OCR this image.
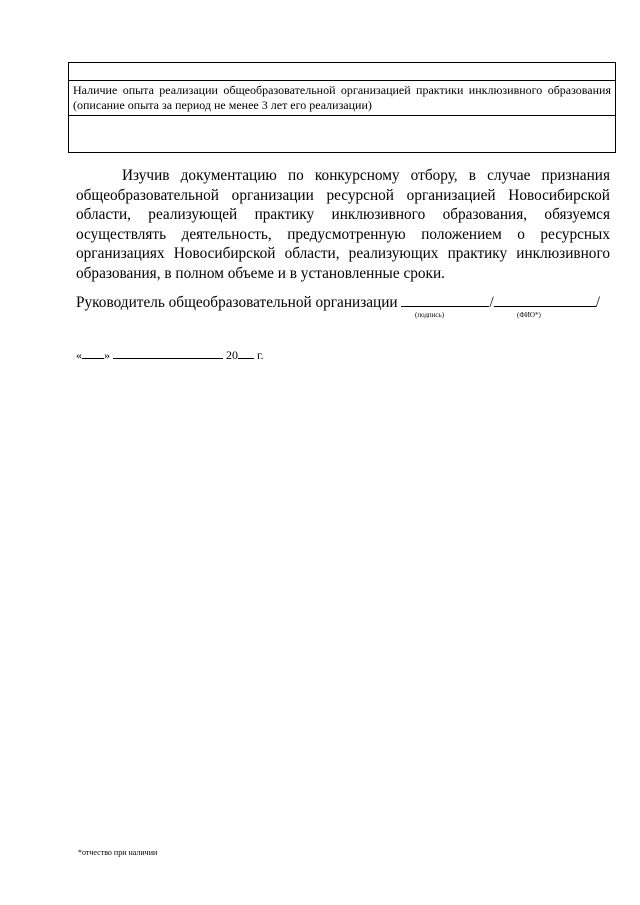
Наличие опыта реализации общеобразовательной организацией практики инклюзивного образования (описание опыта за период не менее 3 лет его реализации)

Изучив документацию по конкурсному отбору, в случае признания общеобразовательной организации ресурсной организацией Новосибирской области, реализующей практику инклюзивного образования, обязуемся осуществлять деятельность, предусмотренную положением о ресурсных организациях Новосибирской области, реализующих практику инклюзивного образования, в полном объеме и в установленные сроки.

Руководитель общеобразовательной организации	/	/
(подпись)	(ФИО*)
« »	20 г.
*отчество при наличии
